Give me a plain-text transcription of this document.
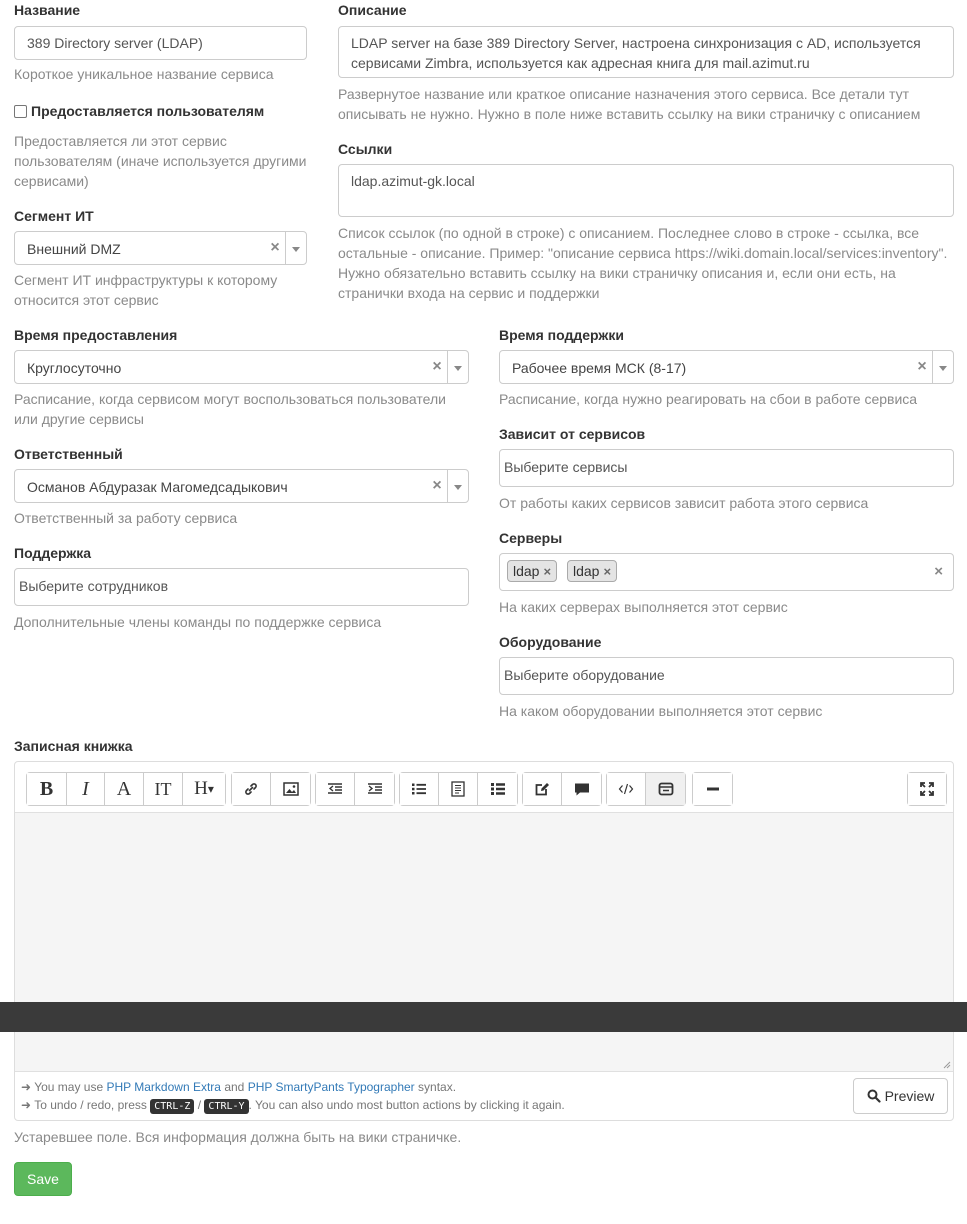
Название
389 Directory server (LDAP)
Короткое уникальное название сервиса
Предоставляется пользователям
Предоставляется ли этот сервис
пользователям (иначе используется другими
сервисами)
Сегмент ИТ
Внешний DMZ	×
Сегмент ИТ инфраструктуры к которому
относится этот сервис
Описание
LDAP server на базе 389 Directory Server, настроена синхронизация с AD, используется
сервисами Zimbra, используется как адресная книга для mail.azimut.ru
Развернутое название или краткое описание назначения этого сервиса. Все детали тут
описывать не нужно. Нужно в поле ниже вставить ссылку на вики страничку с описанием
Ссылки
ldap.azimut-gk.local
Список ссылок (по одной в строке) с описанием. Последнее слово в строке - ссылка, все
остальные - описание. Пример: "описание сервиса https://wiki.domain.local/services:inventory".
Нужно обязательно вставить ссылку на вики страничку описания и, если они есть, на
странички входа на сервис и поддержки
Время предоставления
Круглосуточно	×
Расписание, когда сервисом могут воспользоваться пользователи
или другие сервисы
Ответственный
Османов Абдуразак Магомедсадыкович	×
Ответственный за работу сервиса
Поддержка
Выберите сотрудников
Дополнительные члены команды по поддержке сервиса
Время поддержки
Рабочее время МСК (8-17)	×
Расписание, когда нужно реагировать на сбои в работе сервиса
Зависит от сервисов
Выберите сервисы
От работы каких сервисов зависит работа этого сервиса
Серверы
ldap ×	ldap ×	×
На каких серверах выполняется этот сервис
Оборудование
Выберите оборудование
На каком оборудовании выполняется этот сервис
Записная книжка
B I A IT H ▾
➜ You may use PHP Markdown Extra and PHP SmartyPants Typographer syntax.
➜ To undo / redo, press CTRL-Z / CTRL-Y . You can also undo most button actions by clicking it again.
Preview
Устаревшее поле. Вся информация должна быть на вики страничке.
Save
